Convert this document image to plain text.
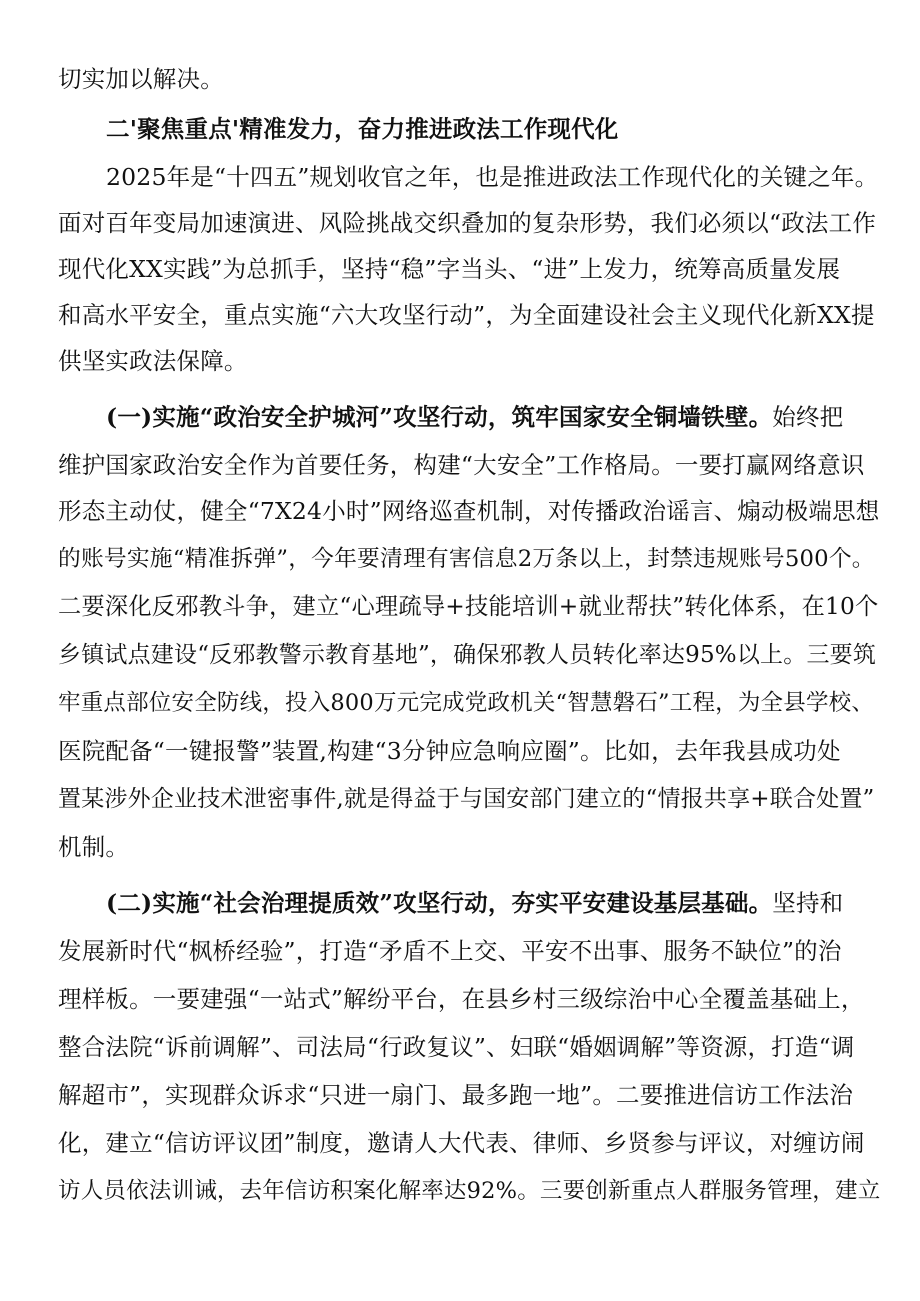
切实加以解决。
二'聚焦重点'精准发力，奋力推进政法工作现代化
2025年是“十四五”规划收官之年，也是推进政法工作现代化的关键之年。
面对百年变局加速演进、风险挑战交织叠加的复杂形势，我们必须以“政法工作
现代化XX实践”为总抓手，坚持“稳”字当头、“进”上发力，统筹高质量发展
和高水平安全，重点实施“六大攻坚行动”，为全面建设社会主义现代化新XX提
供坚实政法保障。
(一)实施“政治安全护城河”攻坚行动，筑牢国家安全铜墙铁壁。始终把
维护国家政治安全作为首要任务，构建“大安全”工作格局。一要打赢网络意识
形态主动仗，健全“7X24小时”网络巡查机制，对传播政治谣言、煽动极端思想
的账号实施“精准拆弹”，今年要清理有害信息2万条以上，封禁违规账号500个。
二要深化反邪教斗争，建立“心理疏导+技能培训+就业帮扶”转化体系，在10个
乡镇试点建设“反邪教警示教育基地”，确保邪教人员转化率达95%以上。三要筑
牢重点部位安全防线，投入800万元完成党政机关“智慧磐石”工程，为全县学校、
医院配备“一键报警”装置,构建“3分钟应急响应圈”。比如，去年我县成功处
置某涉外企业技术泄密事件,就是得益于与国安部门建立的“情报共享+联合处置”
机制。
(二)实施“社会治理提质效”攻坚行动，夯实平安建设基层基础。坚持和
发展新时代“枫桥经验”，打造“矛盾不上交、平安不出事、服务不缺位”的治
理样板。一要建强“一站式”解纷平台，在县乡村三级综治中心全覆盖基础上，
整合法院“诉前调解”、司法局“行政复议”、妇联“婚姻调解”等资源，打造“调
解超市”，实现群众诉求“只进一扇门、最多跑一地”。二要推进信访工作法治
化，建立“信访评议团”制度，邀请人大代表、律师、乡贤参与评议，对缠访闹
访人员依法训诫，去年信访积案化解率达92%。三要创新重点人群服务管理，建立
